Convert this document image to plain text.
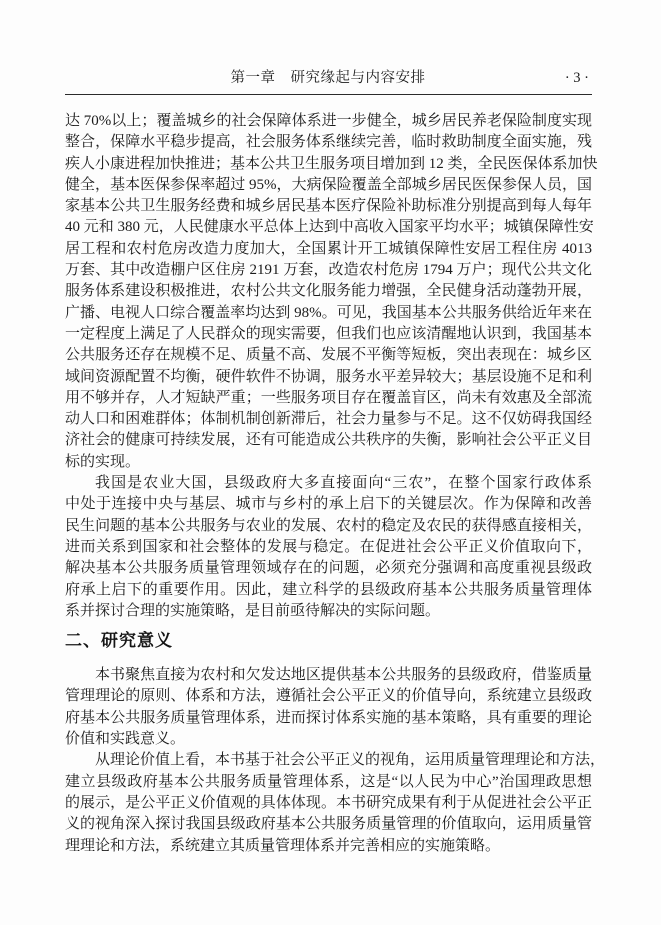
第一章　研究缘起与内容安排	· 3 ·
达 70%以上；覆盖城乡的社会保障体系进一步健全，城乡居民养老保险制度实现
整合，保障水平稳步提高，社会服务体系继续完善，临时救助制度全面实施，残
疾人小康进程加快推进；基本公共卫生服务项目增加到 12 类，全民医保体系加快
健全，基本医保参保率超过 95%，大病保险覆盖全部城乡居民医保参保人员，国
家基本公共卫生服务经费和城乡居民基本医疗保险补助标准分别提高到每人每年
40 元和 380 元，人民健康水平总体上达到中高收入国家平均水平；城镇保障性安
居工程和农村危房改造力度加大，全国累计开工城镇保障性安居工程住房 4013
万套、其中改造棚户区住房 2191 万套，改造农村危房 1794 万户；现代公共文化
服务体系建设积极推进，农村公共文化服务能力增强，全民健身活动蓬勃开展，
广播、电视人口综合覆盖率均达到 98%。可见，我国基本公共服务供给近年来在
一定程度上满足了人民群众的现实需要，但我们也应该清醒地认识到，我国基本
公共服务还存在规模不足、质量不高、发展不平衡等短板，突出表现在：城乡区
域间资源配置不均衡，硬件软件不协调，服务水平差异较大；基层设施不足和利
用不够并存，人才短缺严重；一些服务项目存在覆盖盲区，尚未有效惠及全部流
动人口和困难群体；体制机制创新滞后，社会力量参与不足。这不仅妨碍我国经
济社会的健康可持续发展，还有可能造成公共秩序的失衡，影响社会公平正义目
标的实现。
我国是农业大国，县级政府大多直接面向“三农”，在整个国家行政体系
中处于连接中央与基层、城市与乡村的承上启下的关键层次。作为保障和改善
民生问题的基本公共服务与农业的发展、农村的稳定及农民的获得感直接相关，
进而关系到国家和社会整体的发展与稳定。在促进社会公平正义价值取向下，
解决基本公共服务质量管理领域存在的问题，必须充分强调和高度重视县级政
府承上启下的重要作用。因此，建立科学的县级政府基本公共服务质量管理体
系并探讨合理的实施策略，是目前亟待解决的实际问题。
二、研究意义
本书聚焦直接为农村和欠发达地区提供基本公共服务的县级政府，借鉴质量
管理理论的原则、体系和方法，遵循社会公平正义的价值导向，系统建立县级政
府基本公共服务质量管理体系，进而探讨体系实施的基本策略，具有重要的理论
价值和实践意义。
从理论价值上看，本书基于社会公平正义的视角，运用质量管理理论和方法，
建立县级政府基本公共服务质量管理体系，这是“以人民为中心”治国理政思想
的展示，是公平正义价值观的具体体现。本书研究成果有利于从促进社会公平正
义的视角深入探讨我国县级政府基本公共服务质量管理的价值取向，运用质量管
理理论和方法，系统建立其质量管理体系并完善相应的实施策略。
